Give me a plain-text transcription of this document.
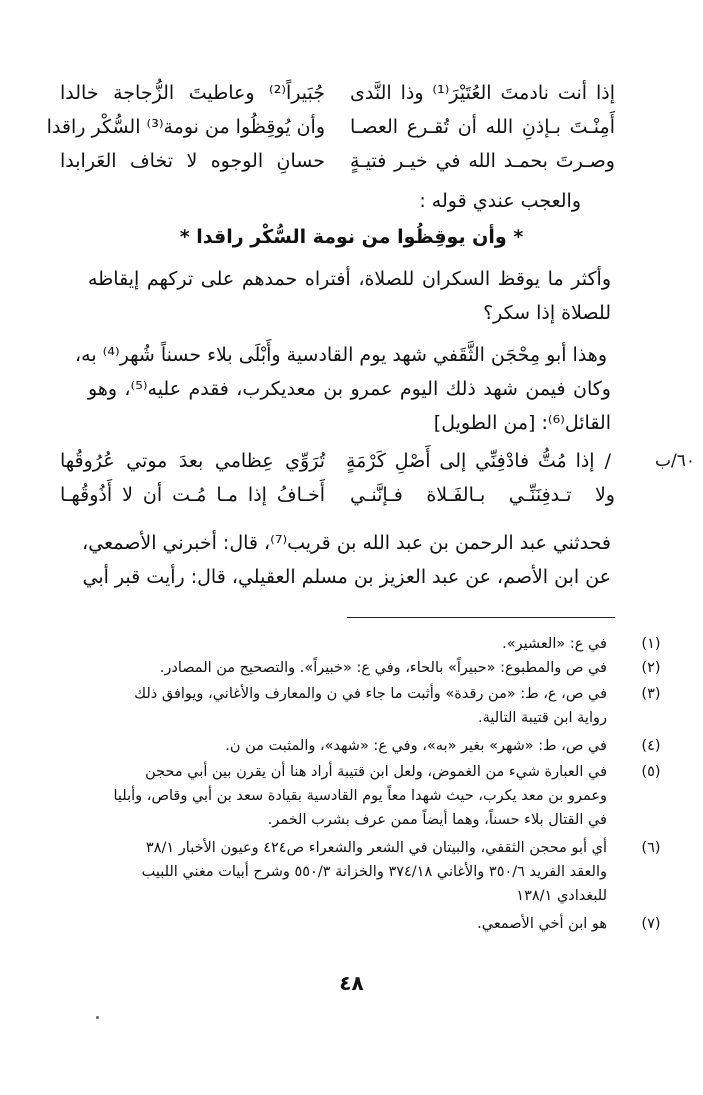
إذا أنت نادمتَ العُتَيْرَ⁽¹⁾ وذا النَّدى
جُبَيراً⁽²⁾ وعاطيتَ الزُّجاجة خالدا
أَمِنْـتَ بـإذنِ الله أن تُقـرع العصـا
وأن يُوقِظُوا من نومة⁽³⁾ السُّكْر راقدا
وصـرتَ بحمـد الله في خيـر فتيـةٍ
حسانِ الوجوه لا تخاف العَرابدا
والعجب عندي قوله :
* وأن يوقِظُوا من نومة السُّكْر راقدا *
وأكثر ما يوقظ السكران للصلاة، أفتراه حمدهم على تركهم إيقاظه
للصلاة إذا سكر؟
وهذا أبو مِحْجَن الثَّقَفي شهد يوم القادسية وأَبْلَى بلاء حسناً شُهر⁽⁴⁾ به،
وكان فيمن شهد ذلك اليوم عمرو بن معديكرب، فقدم عليه⁽⁵⁾، وهو
القائل⁽⁶⁾: [من الطويل]
٦٠/ب
/إذا مُتُّ فادْفِنِّي إلى أَصْلِ كَرْمَةٍ
تُرَوِّي عِظامي بعدَ موتي عُرُوقُها
ولا تـدفِنَنِّـي بـالفَـلاة فـإنَّنـي
أَخـافُ إذا مـا مُـت أن لا أَذُوقُهـا
فحدثني عبد الرحمن بن عبد الله بن قريب⁽⁷⁾، قال: أخبرني الأصمعي،
عن ابن الأصم، عن عبد العزيز بن مسلم العقيلي، قال: رأيت قبر أبي
(١)
في ع: «العشير».
(٢)
في ص والمطبوع: «حبيراً» بالحاء، وفي ع: «خبيراً». والتصحيح من المصادر.
(٣)
في ص، ع، ط: «من رقدة» وأثبت ما جاء في ن والمعارف والأغاني، ويوافق ذلك
رواية ابن قتيبة التالية.
(٤)
في ص، ط: «شهر» بغير «به»، وفي ع: «شهد»، والمثبت من ن.
(٥)
في العبارة شيء من الغموض، ولعل ابن قتيبة أراد هنا أن يقرن بين أبي محجن
وعمرو بن معد يكرب، حيث شهدا معاً يوم القادسية بقيادة سعد بن أبي وقاص، وأبليا
في القتال بلاء حسناً، وهما أيضاً ممن عرف بشرب الخمر.
(٦)
أي أبو محجن الثقفي، والبيتان في الشعر والشعراء ص٤٢٤ وعيون الأخبار ٣٨/١
والعقد الفريد ٣٥٠/٦ والأغاني ٣٧٤/١٨ والخزانة ٥٥٠/٣ وشرح أبيات مغني اللبيب
للبغدادي ١٣٨/١
(٧)
هو ابن أخي الأصمعي.
٤٨
